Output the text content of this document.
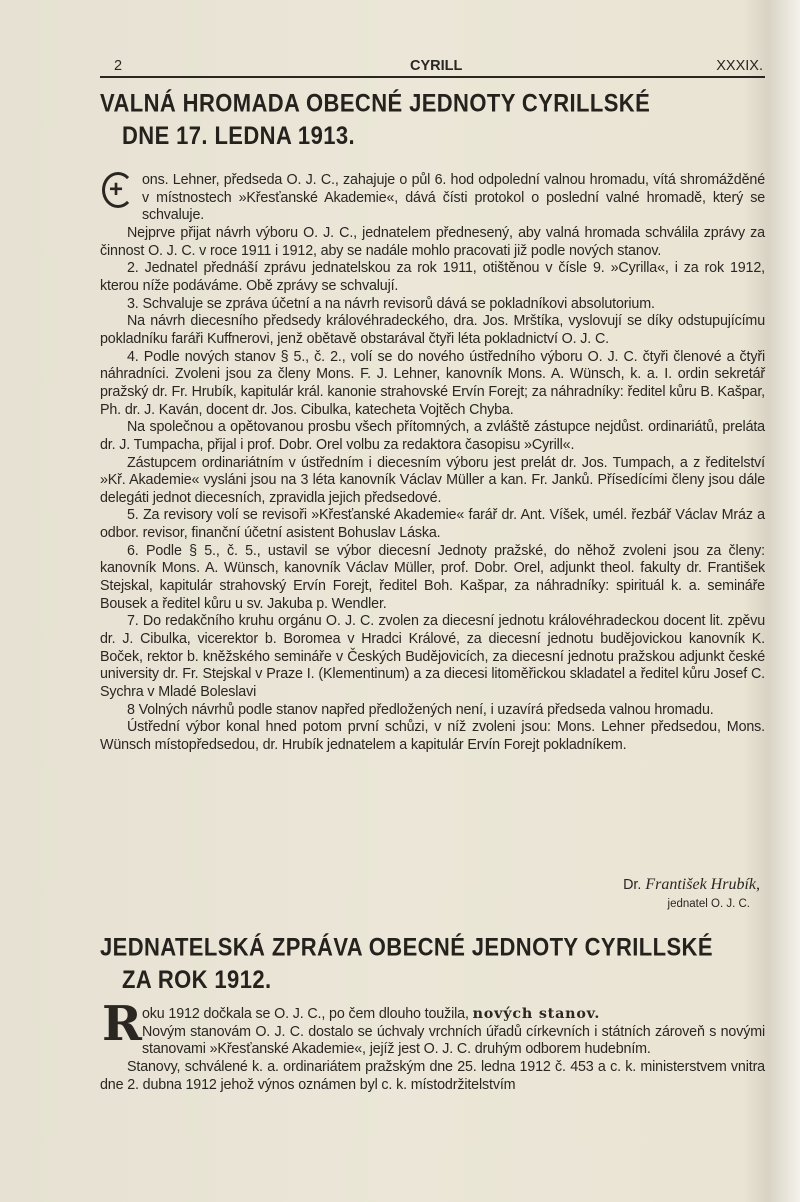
2	CYRILL	XXXIX.
VALNÁ HROMADA OBECNÉ JEDNOTY CYRILLSKÉ
DNE 17. LEDNA 1913.

+ ons. Lehner, předseda O. J. C., zahajuje o půl 6. hod odpolední valnou hromadu, vítá shromážděné v místnostech »Křesťanské Akademie«, dává čísti protokol o poslední valné hromadě, který se schvaluje.

Nejprve přijat návrh výboru O. J. C., jednatelem přednesený, aby valná hromada schválila zprávy za činnost O. J. C. v roce 1911 i 1912, aby se nadále mohlo pracovati již podle nových stanov.

2. Jednatel přednáší zprávu jednatelskou za rok 1911, otištěnou v čísle 9. »Cyrilla«, i za rok 1912, kterou níže podáváme. Obě zprávy se schvalují.

3. Schvaluje se zpráva účetní a na návrh revisorů dává se pokladníkovi absolutorium.

Na návrh diecesního předsedy královéhradeckého, dra. Jos. Mrštíka, vyslovují se díky odstupujícímu pokladníku faráři Kuffnerovi, jenž obětavě obstarával čtyři léta pokladnictví O. J. C.

4. Podle nových stanov § 5., č. 2., volí se do nového ústředního výboru O. J. C. čtyři členové a čtyři náhradníci. Zvoleni jsou za členy Mons. F. J. Lehner, kanovník Mons. A. Wünsch, k. a. I. ordin sekretář pražský dr. Fr. Hrubík, kapitulár král. kanonie strahovské Ervín Forejt; za náhradníky: ředitel kůru B. Kašpar, Ph. dr. J. Kaván, docent dr. Jos. Cibulka, katecheta Vojtěch Chyba.

Na společnou a opětovanou prosbu všech přítomných, a zvláště zástupce nejdůst. ordinariátů, preláta dr. J. Tumpacha, přijal i prof. Dobr. Orel volbu za redaktora časopisu »Cyrill«.

Zástupcem ordinariátním v ústředním i diecesním výboru jest prelát dr. Jos. Tumpach, a z ředitelství »Kř. Akademie« vysláni jsou na 3 léta kanovník Václav Müller a kan. Fr. Janků. Přísedícími členy jsou dále delegáti jednot diecesních, zpravidla jejich předsedové.

5. Za revisory volí se revisoři »Křesťanské Akademie« farář dr. Ant. Víšek, umél. řezbář Václav Mráz a odbor. revisor, finanční účetní asistent Bohuslav Láska.

6. Podle § 5., č. 5., ustavil se výbor diecesní Jednoty pražské, do něhož zvoleni jsou za členy: kanovník Mons. A. Wünsch, kanovník Václav Müller, prof. Dobr. Orel, adjunkt theol. fakulty dr. František Stejskal, kapitulár strahovský Ervín Forejt, ředitel Boh. Kašpar, za náhradníky: spirituál k. a. semináře Bousek a ředitel kůru u sv. Jakuba p. Wendler.

7. Do redakčního kruhu orgánu O. J. C. zvolen za diecesní jednotu královéhradeckou docent lit. zpěvu dr. J. Cibulka, vicerektor b. Boromea v Hradci Králové, za diecesní jednotu budějovickou kanovník K. Boček, rektor b. kněžského semináře v Českých Budějovicích, za diecesní jednotu pražskou adjunkt české university dr. Fr. Stejskal v Praze I. (Klementinum) a za diecesi litoměřickou skladatel a ředitel kůru Josef C. Sychra v Mladé Boleslavi

8 Volných návrhů podle stanov napřed předložených není, i uzavírá předseda valnou hromadu.

Ústřední výbor konal hned potom první schůzi, v níž zvoleni jsou: Mons. Lehner předsedou, Mons. Wünsch místopředsedou, dr. Hrubík jednatelem a kapitulár Ervín Forejt pokladníkem.

Dr. František Hrubík,
jednatel O. J. C.
JEDNATELSKÁ ZPRÁVA OBECNÉ JEDNOTY CYRILLSKÉ
ZA ROK 1912.

R oku 1912 dočkala se O. J. C., po čem dlouho toužila, nových stanov.
Novým stanovám O. J. C. dostalo se úchvaly vrchních úřadů církevních i státních zároveň s novými stanovami »Křesťanské Akademie«, jejíž jest O. J. C. druhým odborem hudebním.

Stanovy, schválené k. a. ordinariátem pražským dne 25. ledna 1912 č. 453 a c. k. ministerstvem vnitra dne 2. dubna 1912 jehož výnos oznámen byl c. k. místodržitelstvím
